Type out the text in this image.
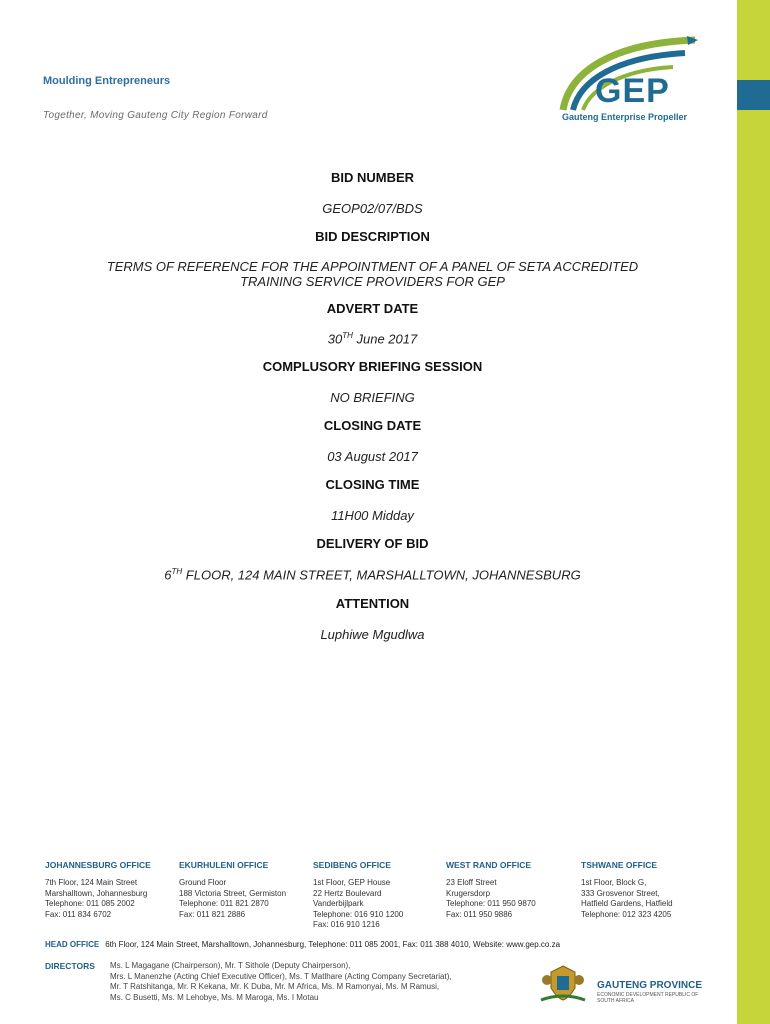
Moulding Entrepreneurs
Together, Moving Gauteng City Region Forward
GEP
Gauteng Enterprise Propeller

BID NUMBER

GEOP02/07/BDS

BID DESCRIPTION

TERMS OF REFERENCE FOR THE APPOINTMENT OF A PANEL OF SETA ACCREDITED

TRAINING SERVICE PROVIDERS FOR GEP

ADVERT DATE

30TH June 2017

COMPLUSORY BRIEFING SESSION

NO BRIEFING

CLOSING DATE

03 August 2017

CLOSING TIME

11H00 Midday

DELIVERY OF BID

6TH FLOOR, 124 MAIN STREET, MARSHALLTOWN, JOHANNESBURG

ATTENTION

Luphiwe Mgudlwa

JOHANNESBURG OFFICE
7th Floor, 124 Main Street
Marshalltown, Johannesburg
Telephone: 011 085 2002
Fax: 011 834 6702
EKURHULENI OFFICE
Ground Floor
188 Victoria Street, Germiston
Telephone: 011 821 2870
Fax: 011 821 2886
SEDIBENG OFFICE
1st Floor, GEP House
22 Hertz Boulevard
Vanderbijlpark
Telephone: 016 910 1200
Fax: 016 910 1216
WEST RAND OFFICE
23 Eloff Street
Krugersdorp
Telephone: 011 950 9870
Fax: 011 950 9886
TSHWANE OFFICE
1st Floor, Block G,
333 Grosvenor Street,
Hatfield Gardens, Hatfield
Telephone: 012 323 4205
HEAD OFFICE 6th Floor, 124 Main Street, Marshalltown, Johannesburg, Telephone: 011 085 2001, Fax: 011 388 4010, Website: www.gep.co.za
DIRECTORS Ms. L Magagane (Chairperson), Mr. T Sithole (Deputy Chairperson),
Mrs. L Manenzhe (Acting Chief Executive Officer), Ms. T Matlhare (Acting Company Secretariat),
Mr. T Ratshitanga, Mr. R Kekana, Mr. K Duba, Mr. M Africa, Ms. M Ramonyai, Ms. M Ramusi,
Ms. C Busetti, Ms. M Lehobye, Ms. M Maroga, Ms. I Motau
GAUTENG PROVINCE
ECONOMIC DEVELOPMENT REPUBLIC OF SOUTH AFRICA
